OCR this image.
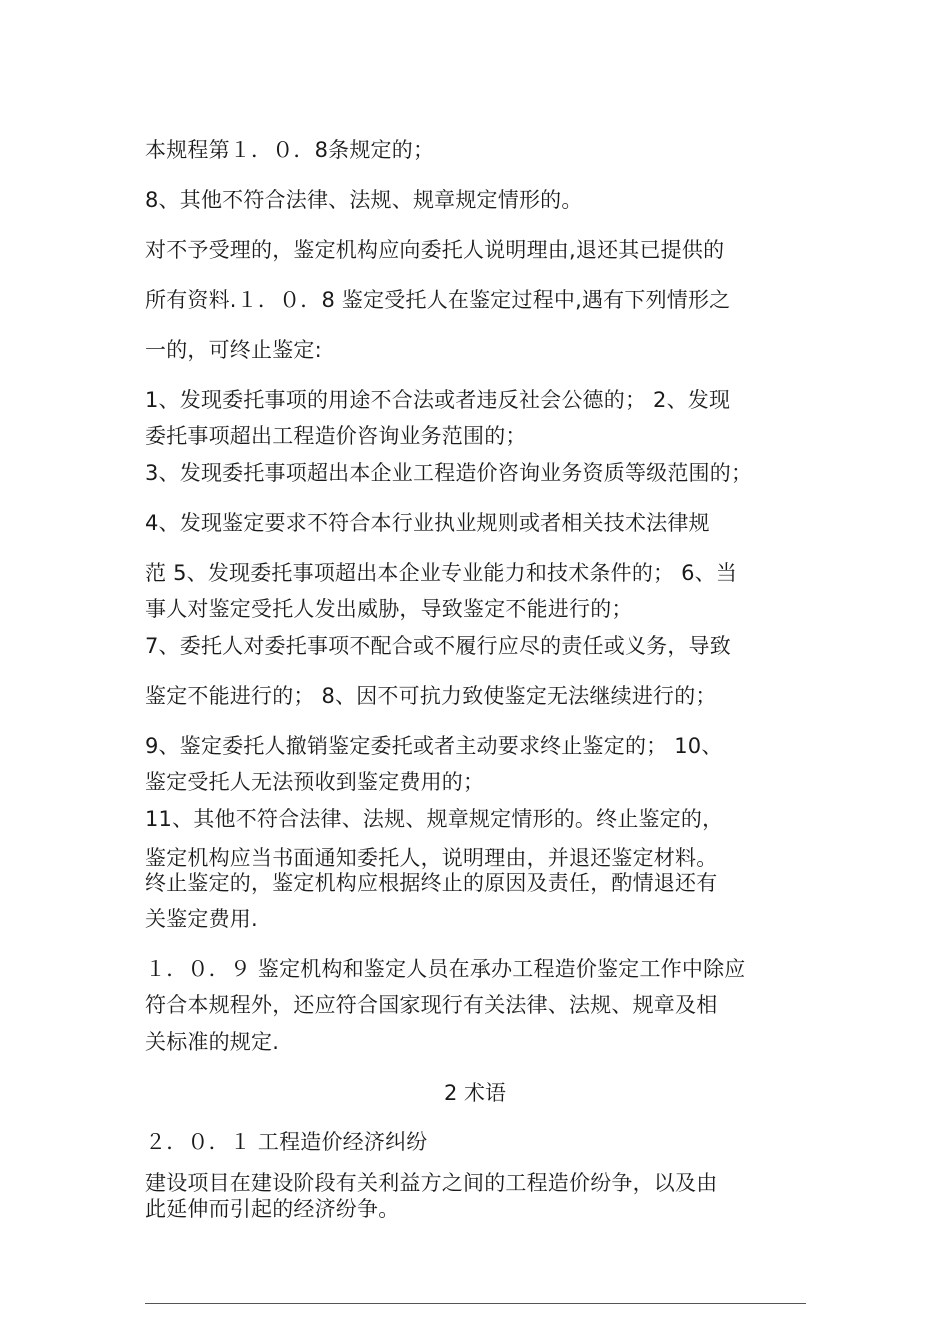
本规程第１．０．8条规定的；
8、其他不符合法律、法规、规章规定情形的。
对不予受理的，鉴定机构应向委托人说明理由,退还其已提供的
所有资料.１．０．8 鉴定受托人在鉴定过程中,遇有下列情形之
一的，可终止鉴定:
1、发现委托事项的用途不合法或者违反社会公德的； 2、发现
委托事项超出工程造价咨询业务范围的；
3、发现委托事项超出本企业工程造价咨询业务资质等级范围的；
4、发现鉴定要求不符合本行业执业规则或者相关技术法律规
范 5、发现委托事项超出本企业专业能力和技术条件的； 6、当
事人对鉴定受托人发出威胁，导致鉴定不能进行的；
7、委托人对委托事项不配合或不履行应尽的责任或义务，导致
鉴定不能进行的； 8、因不可抗力致使鉴定无法继续进行的；
9、鉴定委托人撤销鉴定委托或者主动要求终止鉴定的； 10、
鉴定受托人无法预收到鉴定费用的；
11、其他不符合法律、法规、规章规定情形的。终止鉴定的，
鉴定机构应当书面通知委托人，说明理由，并退还鉴定材料。
终止鉴定的，鉴定机构应根据终止的原因及责任，酌情退还有
关鉴定费用.
１．０．９ 鉴定机构和鉴定人员在承办工程造价鉴定工作中除应
符合本规程外，还应符合国家现行有关法律、法规、规章及相
关标准的规定.
2 术语
２．０．１ 工程造价经济纠纷
建设项目在建设阶段有关利益方之间的工程造价纷争，以及由
此延伸而引起的经济纷争。
